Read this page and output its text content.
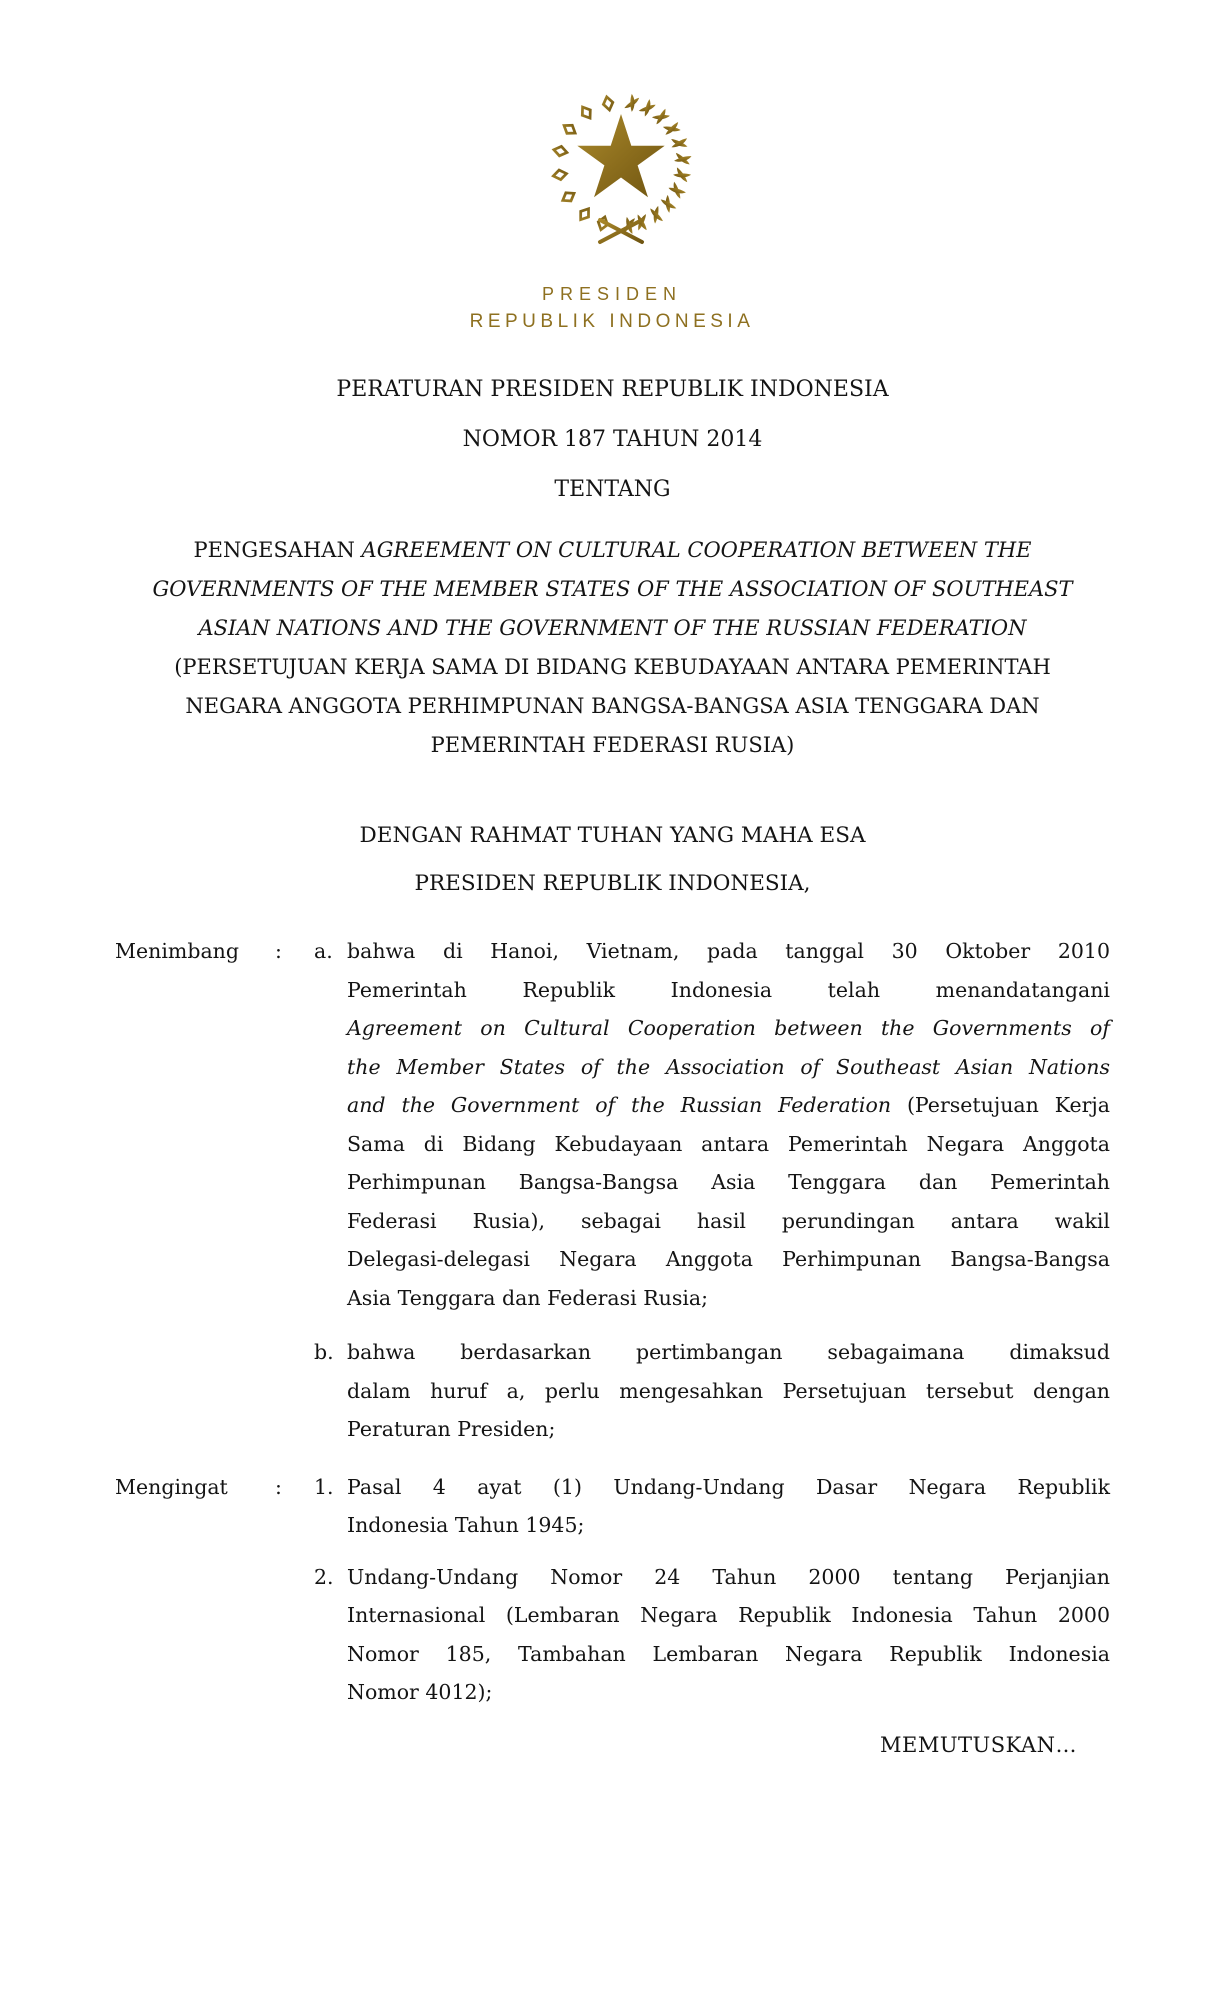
PRESIDEN
REPUBLIK INDONESIA
PERATURAN PRESIDEN REPUBLIK INDONESIA
NOMOR 187 TAHUN 2014
TENTANG
PENGESAHAN AGREEMENT ON CULTURAL COOPERATION BETWEEN THE
GOVERNMENTS OF THE MEMBER STATES OF THE ASSOCIATION OF SOUTHEAST
ASIAN NATIONS AND THE GOVERNMENT OF THE RUSSIAN FEDERATION
(PERSETUJUAN KERJA SAMA DI BIDANG KEBUDAYAAN ANTARA PEMERINTAH
NEGARA ANGGOTA PERHIMPUNAN BANGSA-BANGSA ASIA TENGGARA DAN
PEMERINTAH FEDERASI RUSIA)
DENGAN RAHMAT TUHAN YANG MAHA ESA
PRESIDEN REPUBLIK INDONESIA,
Menimbang : a. bahwa di Hanoi, Vietnam, pada tanggal 30 Oktober 2010
Pemerintah Republik Indonesia telah menandatangani
Agreement on Cultural Cooperation between the Governments of
the Member States of the Association of Southeast Asian Nations
and the Government of the Russian Federation (Persetujuan Kerja
Sama di Bidang Kebudayaan antara Pemerintah Negara Anggota
Perhimpunan Bangsa-Bangsa Asia Tenggara dan Pemerintah
Federasi Rusia), sebagai hasil perundingan antara wakil
Delegasi-delegasi Negara Anggota Perhimpunan Bangsa-Bangsa
Asia Tenggara dan Federasi Rusia;
b. bahwa berdasarkan pertimbangan sebagaimana dimaksud
dalam huruf a, perlu mengesahkan Persetujuan tersebut dengan
Peraturan Presiden;
Mengingat : 1. Pasal 4 ayat (1) Undang-Undang Dasar Negara Republik
Indonesia Tahun 1945;
2. Undang-Undang Nomor 24 Tahun 2000 tentang Perjanjian
Internasional (Lembaran Negara Republik Indonesia Tahun 2000
Nomor 185, Tambahan Lembaran Negara Republik Indonesia
Nomor 4012);
MEMUTUSKAN…
